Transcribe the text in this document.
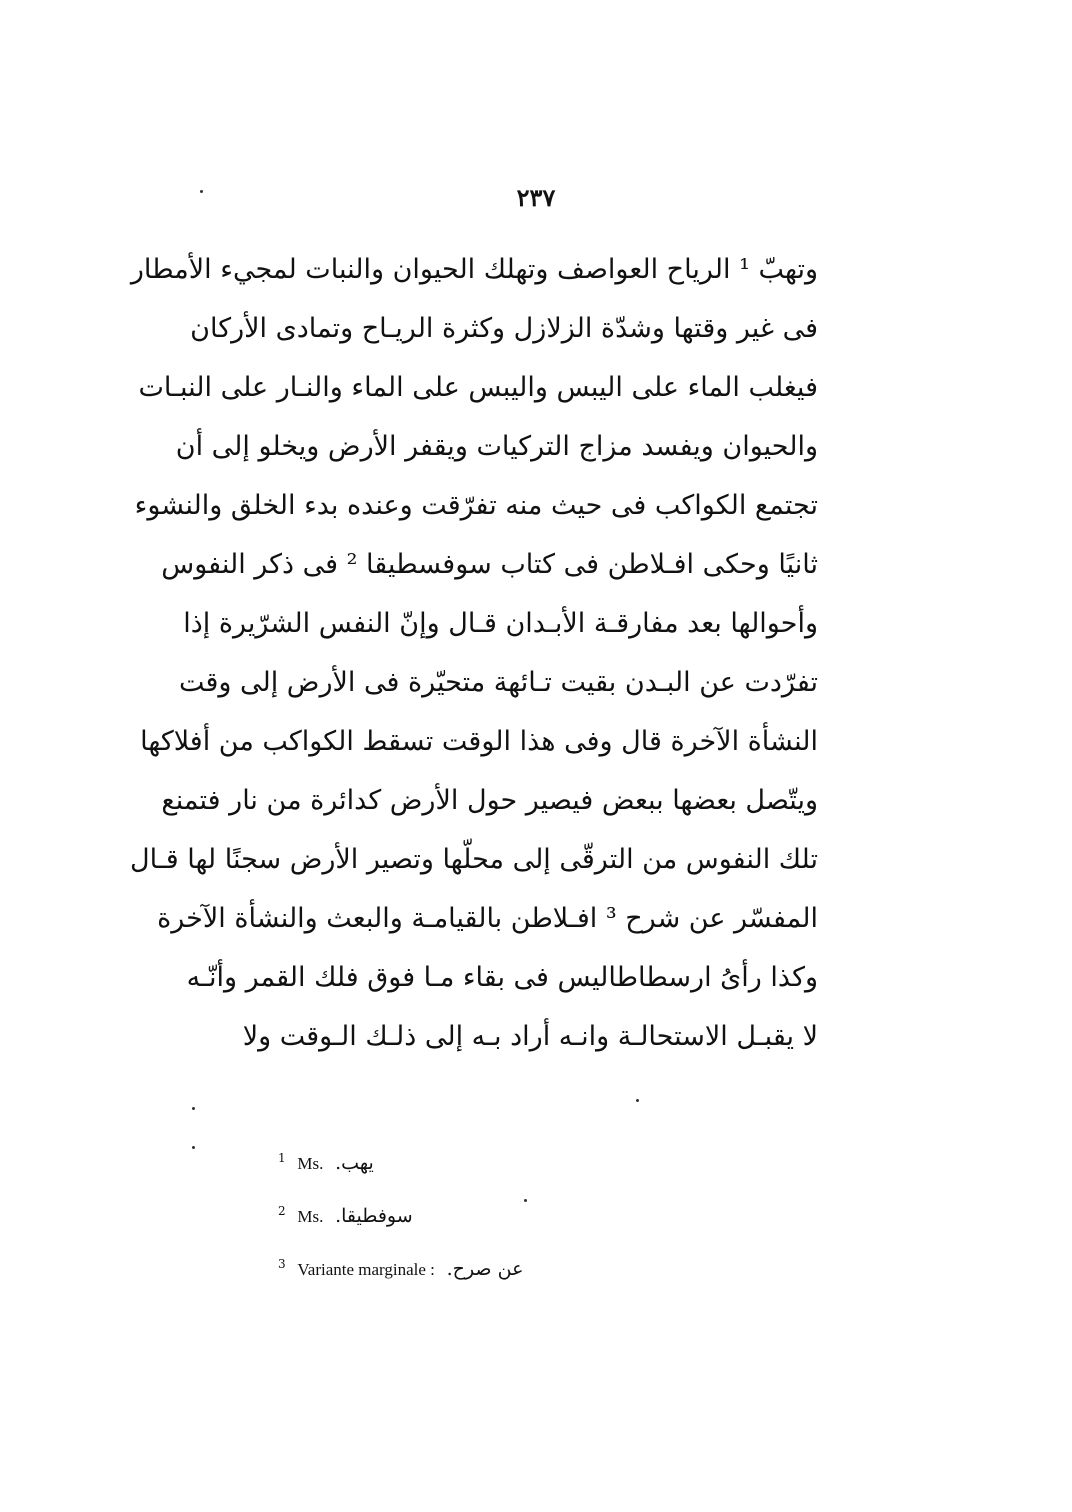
٢٣٧
وتهبّ ¹ الرياح العواصف وتهلك الحيوان والنبات لمجيء الأمطار
فى غير وقتها وشدّة الزلازل وكثرة الريـاح وتمادى الأركان
فيغلب الماء على اليبس واليبس على الماء والنـار على النبـات
والحيوان ويفسد مزاج التركيات ويقفر الأرض ويخلو إلى أن
تجتمع الكواكب فى حيث منه تفرّقت وعنده بدء الخلق والنشوء
ثانيًا وحكى افـلاطن فى كتاب سوفسطيقا ² فى ذكر النفوس
وأحوالها بعد مفارقـة الأبـدان قـال وإنّ النفس الشرّيرة إذا
تفرّدت عن البـدن بقيت تـائهة متحيّرة فى الأرض إلى وقت
النشأة الآخرة قال وفى هذا الوقت تسقط الكواكب من أفلاكها
ويتّصل بعضها ببعض فيصير حول الأرض كدائرة من نار فتمنع
تلك النفوس من الترقّى إلى محلّها وتصير الأرض سجنًا لها قـال
المفسّر عن شرح ³ افـلاطن بالقيامـة والبعث والنشأة الآخرة
وكذا رأىُ ارسطاطاليس فى بقاء مـا فوق فلك القمر وأنّـه
لا يقبـل الاستحالـة وانـه أراد بـه إلى ذلـك الـوقت ولا
$^1$ Ms. يهب.
$^2$ Ms. سوفطيقا.
$^3$ Variante marginale : عن صرح.
